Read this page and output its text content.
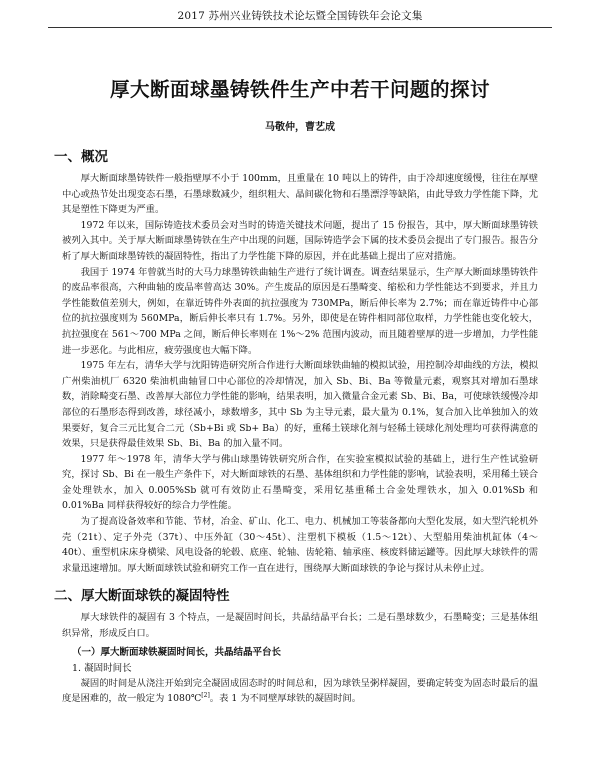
2017 苏州兴业铸铁技术论坛暨全国铸铁年会论文集
厚大断面球墨铸铁件生产中若干问题的探讨
马敬仲，曹艺成
一、概况

厚大断面球墨铸铁件一般指壁厚不小于 100mm，且重量在 10 吨以上的铸件，由于冷却速度缓慢，往往在厚壁中心或热节处出现变态石墨，石墨球数减少，组织粗大、晶间碳化物和石墨漂浮等缺陷，由此导致力学性能下降，尤其是塑性下降更为严重。

1972 年以来，国际铸造技术委员会对当时的铸造关键技术问题，提出了 15 份报告，其中，厚大断面球墨铸铁被列入其中。关于厚大断面球墨铸铁在生产中出现的问题，国际铸造学会下属的技术委员会提出了专门报告。报告分析了厚大断面球墨铸铁的凝固特性，指出了力学性能下降的原因，并在此基础上提出了应对措施。

我国于 1974 年曾就当时的大马力球墨铸铁曲轴生产进行了统计调查。调查结果显示，生产厚大断面球墨铸铁件的废品率很高，六种曲轴的废品率曾高达 30%。产生废品的原因是石墨畸变、缩松和力学性能达不到要求，并且力学性能数值差别大，例如，在靠近铸件外表面的抗拉强度为 730MPa，断后伸长率为 2.7%；而在靠近铸件中心部位的抗拉强度则为 560MPa，断后伸长率只有 1.7%。另外，即使是在铸件相同部位取样，力学性能也变化较大，抗拉强度在 561～700 MPa 之间，断后伸长率则在 1%～2% 范围内波动，而且随着壁厚的进一步增加，力学性能进一步恶化。与此相应，疲劳强度也大幅下降。

1975 年左右，清华大学与沈阳铸造研究所合作进行大断面球铁曲轴的模拟试验，用控制冷却曲线的方法，模拟广州柴油机厂 6320 柴油机曲轴冒口中心部位的冷却情况，加入 Sb、Bi、Ba 等微量元素，观察其对增加石墨球数，消除畸变石墨、改善厚大部位力学性能的影响，结果表明，加入微量合金元素 Sb、Bi、Ba，可使球铁缓慢冷却部位的石墨形态得到改善，球径减小，球数增多，其中 Sb 为主导元素，最大量为 0.1%，复合加入比单独加入的效果要好，复合三元比复合二元（Sb+Bi 或 Sb+ Ba）的好，重稀土镁球化剂与轻稀土镁球化剂处理均可获得满意的效果，只是获得最佳效果 Sb、Bi、Ba 的加入量不同。

1977 年～1978 年，清华大学与佛山球墨铸铁研究所合作，在实验室模拟试验的基础上，进行生产性试验研究，探讨 Sb、Bi 在一般生产条件下，对大断面球铁的石墨、基体组织和力学性能的影响，试验表明，采用稀土镁合金处理铁水，加入 0.005%Sb 就可有效防止石墨畸变，采用钇基重稀土合金处理铁水，加入 0.01%Sb 和 0.01%Ba 同样获得较好的综合力学性能。

为了提高设备效率和节能、节材，冶金、矿山、化工、电力、机械加工等装备都向大型化发展，如大型汽轮机外壳（21t）、定子外壳（37t）、中压外缸（30～45t）、注塑机下模板（1.5～12t）、大型船用柴油机缸体（4～40t）、重型机床床身横梁、风电设备的轮毂、底座、轮轴、齿轮箱、轴承座、核废料储运罐等。因此厚大球铁件的需求量迅速增加。厚大断面球铁试验和研究工作一直在进行，围绕厚大断面球铁的争论与探讨从未停止过。

二、厚大断面球铁的凝固特性

厚大球铁件的凝固有 3 个特点，一是凝固时间长，共晶结晶平台长；二是石墨球数少，石墨畸变；三是基体组织异常，形成反白口。

（一）厚大断面球铁凝固时间长，共晶结晶平台长
1. 凝固时间长

凝固的时间是从浇注开始到完全凝固成固态时的时间总和，因为球铁呈粥样凝固，要确定转变为固态时最后的温度是困难的，故一般定为 1080℃[2]。表 1 为不同壁厚球铁的凝固时间。
